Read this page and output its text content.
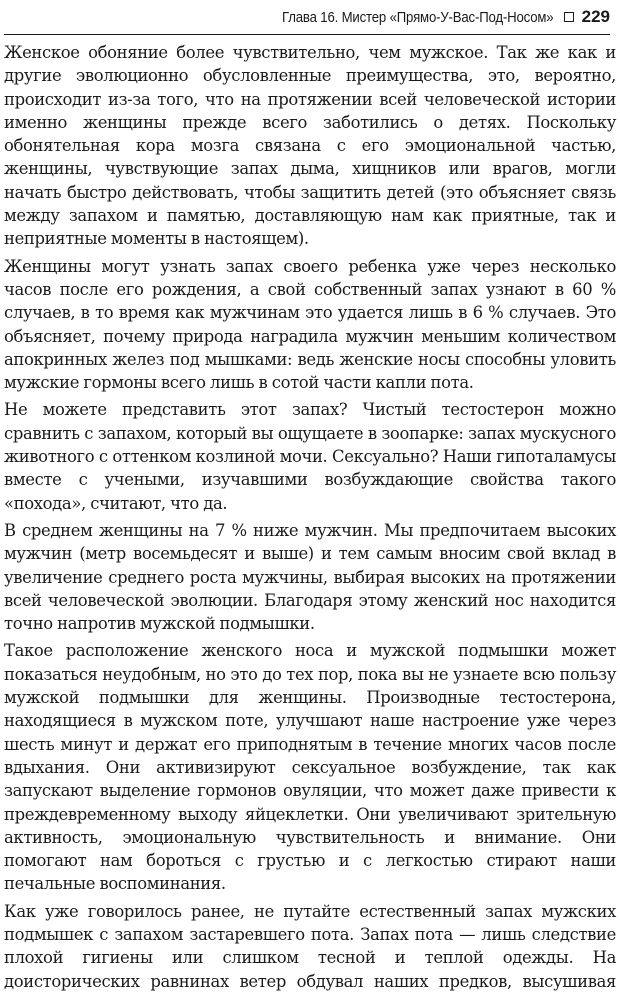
Глава 16. Мистер «Прямо-У-Вас-Под-Носом» 229

Женское обоняние более чувствительно, чем мужское. Так же как и другие эволюционно обусловленные преимущества, это, вероятно, происходит из-за того, что на протяжении всей человеческой истории именно женщины прежде всего заботились о детях. Поскольку обонятельная кора мозга связана с его эмоциональной частью, женщины, чувствующие запах дыма, хищников или врагов, могли начать быстро действовать, чтобы защитить детей (это объясняет связь между запахом и памятью, доставляющую нам как приятные, так и неприятные моменты в настоящем).

Женщины могут узнать запах своего ребенка уже через несколько часов после его рождения, а свой собственный запах узнают в 60 % случаев, в то время как мужчинам это удается лишь в 6 % случаев. Это объясняет, почему природа наградила мужчин меньшим количеством апокринных желез под мышками: ведь женские носы способны уловить мужские гормоны всего лишь в сотой части капли пота.

Не можете представить этот запах? Чистый тестостерон можно сравнить с запахом, который вы ощущаете в зоопарке: запах мускусного животного с оттенком козлиной мочи. Сексуально? Наши гипоталамусы вместе с учеными, изучавшими возбуждающие свойства такого «похода», считают, что да.

В среднем женщины на 7 % ниже мужчин. Мы предпочитаем высоких мужчин (метр восемьдесят и выше) и тем самым вносим свой вклад в увеличение среднего роста мужчины, выбирая высоких на протяжении всей человеческой эволюции. Благодаря этому женский нос находится точно напротив мужской подмышки.

Такое расположение женского носа и мужской подмышки может показаться неудобным, но это до тех пор, пока вы не узнаете всю пользу мужской подмышки для женщины. Производные тестостерона, находящиеся в мужском поте, улучшают наше настроение уже через шесть минут и держат его приподнятым в течение многих часов после вдыхания. Они активизируют сексуальное возбуждение, так как запускают выделение гормонов овуляции, что может даже привести к преждевременному выходу яйцеклетки. Они увеличивают зрительную активность, эмоциональную чувствительность и внимание. Они помогают нам бороться с грустью и с легкостью стирают наши печальные воспоминания.

Как уже говорилось ранее, не путайте естественный запах мужских подмышек с запахом застаревшего пота. Запах пота — лишь следствие плохой гигиены или слишком тесной и теплой одежды. На доисторических равнинах ветер обдувал наших предков, высушивая
